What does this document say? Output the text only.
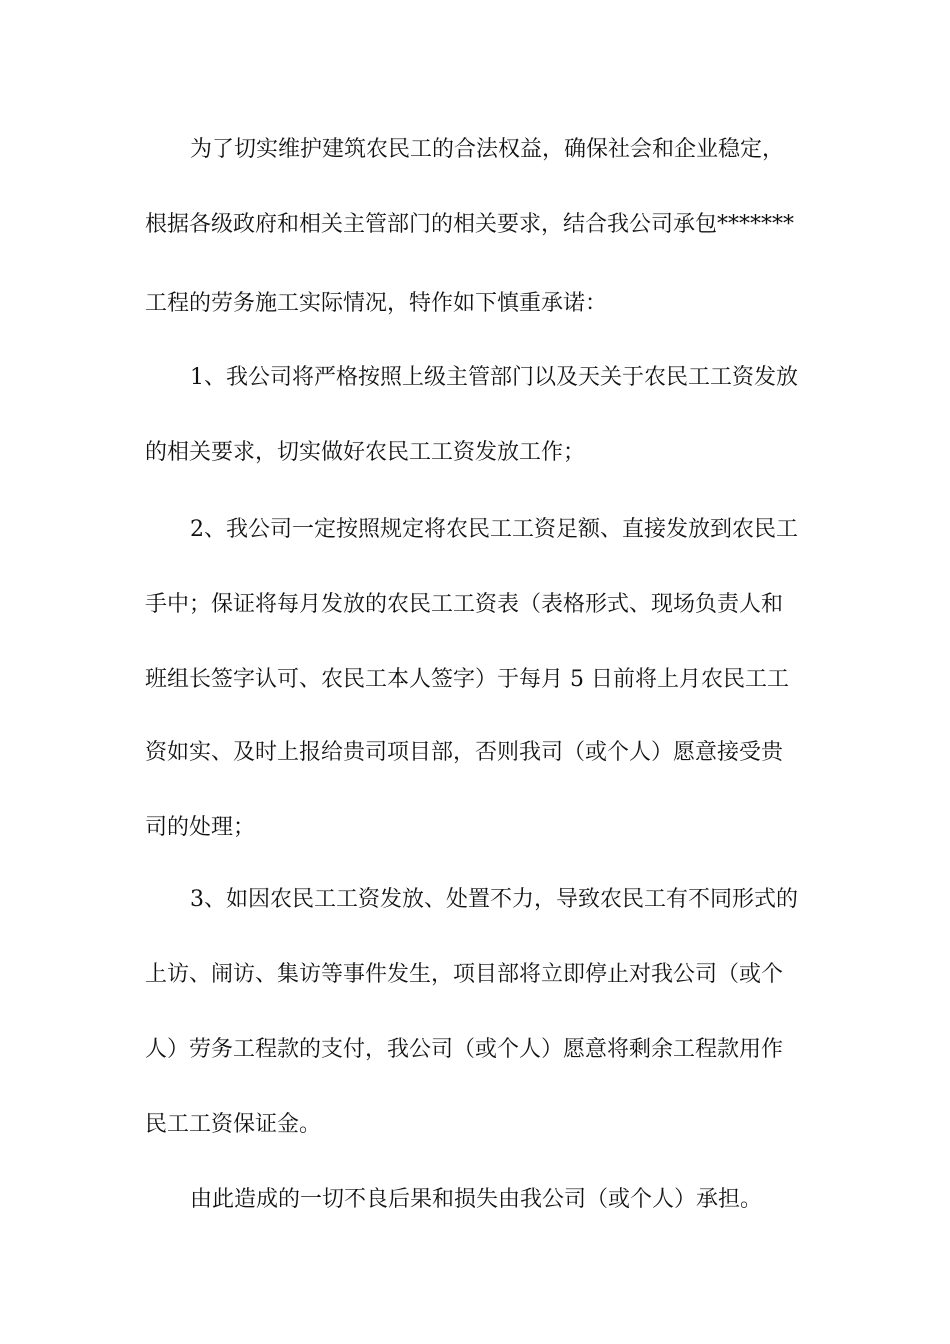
为了切实维护建筑农民工的合法权益，确保社会和企业稳定，
根据各级政府和相关主管部门的相关要求，结合我公司承包*******
工程的劳务施工实际情况，特作如下慎重承诺：
1、我公司将严格按照上级主管部门以及天关于农民工工资发放
的相关要求，切实做好农民工工资发放工作；
2、我公司一定按照规定将农民工工资足额、直接发放到农民工
手中；保证将每月发放的农民工工资表（表格形式、现场负责人和
班组长签字认可、农民工本人签字）于每月 5 日前将上月农民工工
资如实、及时上报给贵司项目部，否则我司（或个人）愿意接受贵
司的处理；
3、如因农民工工资发放、处置不力，导致农民工有不同形式的
上访、闹访、集访等事件发生，项目部将立即停止对我公司（或个
人）劳务工程款的支付，我公司（或个人）愿意将剩余工程款用作
民工工资保证金。
由此造成的一切不良后果和损失由我公司（或个人）承担。
